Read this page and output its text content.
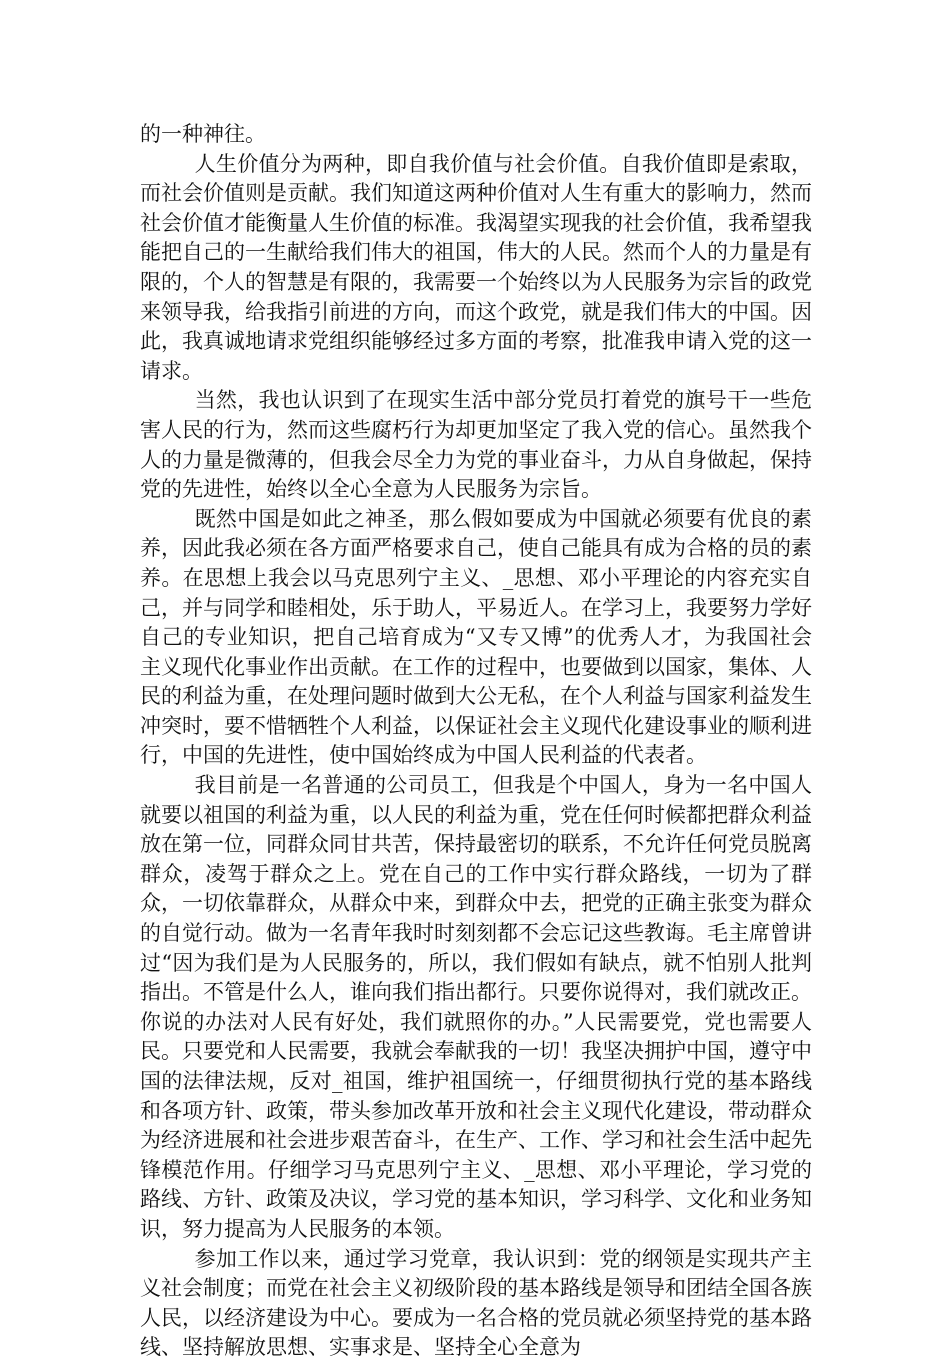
的一种神往。

人生价值分为两种，即自我价值与社会价值。自我价值即是索取，而社会价值则是贡献。我们知道这两种价值对人生有重大的影响力，然而社会价值才能衡量人生价值的标准。我渴望实现我的社会价值，我希望我能把自己的一生献给我们伟大的祖国，伟大的人民。然而个人的力量是有限的，个人的智慧是有限的，我需要一个始终以为人民服务为宗旨的政党来领导我，给我指引前进的方向，而这个政党，就是我们伟大的中国。因此，我真诚地请求党组织能够经过多方面的考察，批准我申请入党的这一请求。

当然，我也认识到了在现实生活中部分党员打着党的旗号干一些危害人民的行为，然而这些腐朽行为却更加坚定了我入党的信心。虽然我个人的力量是微薄的，但我会尽全力为党的事业奋斗，力从自身做起，保持党的先进性，始终以全心全意为人民服务为宗旨。

既然中国是如此之神圣，那么假如要成为中国就必须要有优良的素养，因此我必须在各方面严格要求自己，使自己能具有成为合格的员的素养。在思想上我会以马克思列宁主义、_思想、邓小平理论的内容充实自己，并与同学和睦相处，乐于助人，平易近人。在学习上，我要努力学好自己的专业知识，把自己培育成为“又专又博”的优秀人才，为我国社会主义现代化事业作出贡献。在工作的过程中，也要做到以国家，集体、人民的利益为重，在处理问题时做到大公无私，在个人利益与国家利益发生冲突时，要不惜牺牲个人利益，以保证社会主义现代化建设事业的顺利进行，中国的先进性，使中国始终成为中国人民利益的代表者。

我目前是一名普通的公司员工，但我是个中国人，身为一名中国人就要以祖国的利益为重，以人民的利益为重，党在任何时候都把群众利益放在第一位，同群众同甘共苦，保持最密切的联系，不允许任何党员脱离群众，凌驾于群众之上。党在自己的工作中实行群众路线，一切为了群众，一切依靠群众，从群众中来，到群众中去，把党的正确主张变为群众的自觉行动。做为一名青年我时时刻刻都不会忘记这些教诲。毛主席曾讲过“因为我们是为人民服务的，所以，我们假如有缺点，就不怕别人批判指出。不管是什么人，谁向我们指出都行。只要你说得对，我们就改正。你说的办法对人民有好处，我们就照你的办。”人民需要党，党也需要人民。只要党和人民需要，我就会奉献我的一切！我坚决拥护中国，遵守中国的法律法规，反对_祖国，维护祖国统一，仔细贯彻执行党的基本路线和各项方针、政策，带头参加改革开放和社会主义现代化建设，带动群众为经济进展和社会进步艰苦奋斗，在生产、工作、学习和社会生活中起先锋模范作用。仔细学习马克思列宁主义、_思想、邓小平理论，学习党的路线、方针、政策及决议，学习党的基本知识，学习科学、文化和业务知识，努力提高为人民服务的本领。

参加工作以来，通过学习党章，我认识到：党的纲领是实现共产主义社会制度；而党在社会主义初级阶段的基本路线是领导和团结全国各族人民，以经济建设为中心。要成为一名合格的党员就必须坚持党的基本路线、坚持解放思想、实事求是、坚持全心全意为
